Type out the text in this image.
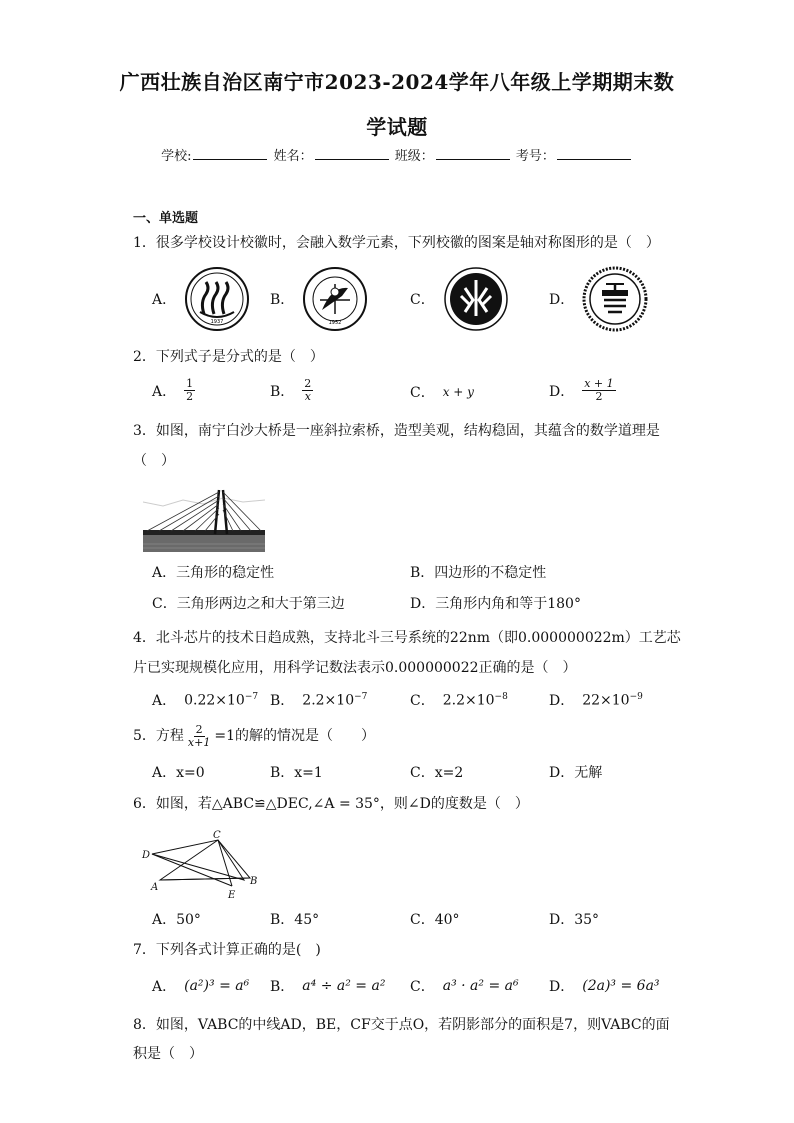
广西壮族自治区南宁市2023-2024学年八年级上学期期末数
学试题
学校:	姓名：	班级：	考号：
一、单选题
1．很多学校设计校徽时，会融入数学元素，下列校徽的图案是轴对称图形的是（　）
A．
1937
B．
1952
C．	D．
2．下列式子是分式的是（　）
A． $\frac{1}{2}$	B． $\frac{2}{x}$	C． x + y	D． $\frac{x + 1}{2}$
3．如图，南宁白沙大桥是一座斜拉索桥，造型美观，结构稳固，其蕴含的数学道理是
（　）
A．三角形的稳定性	B．四边形的不稳定性
C．三角形两边之和大于第三边	D．三角形内角和等于180°
4．北斗芯片的技术日趋成熟，支持北斗三号系统的22nm（即0.000000022m）工艺芯
片已实现规模化应用，用科学记数法表示0.000000022正确的是（　）
A． $0.22\times 10^{-7}$ B． $2.2\times 10^{-7}$	C． $2.2\times 10^{-8}$	D． $22\times 10^{-9}$
5．方程 $\frac{2}{x+1} =1$的解的情况是（　　）
A．x=0	B．x=1	C．x=2	D．无解
6．如图，若△ABC≌△DEC,∠A = 35°，则∠D的度数是（　）
C
D
A
B
E
A．50°	B．45°	C．40°	D．35°
7．下列各式计算正确的是(　)
A． (a²)³ = a⁶ B． a⁴ ÷ a² = a² C． a³ · a² = a⁶ D． (2a)³ = 6a³
8．如图，VABC的中线AD，BE，CF交于点O，若阴影部分的面积是7，则VABC的面
积是（　）
